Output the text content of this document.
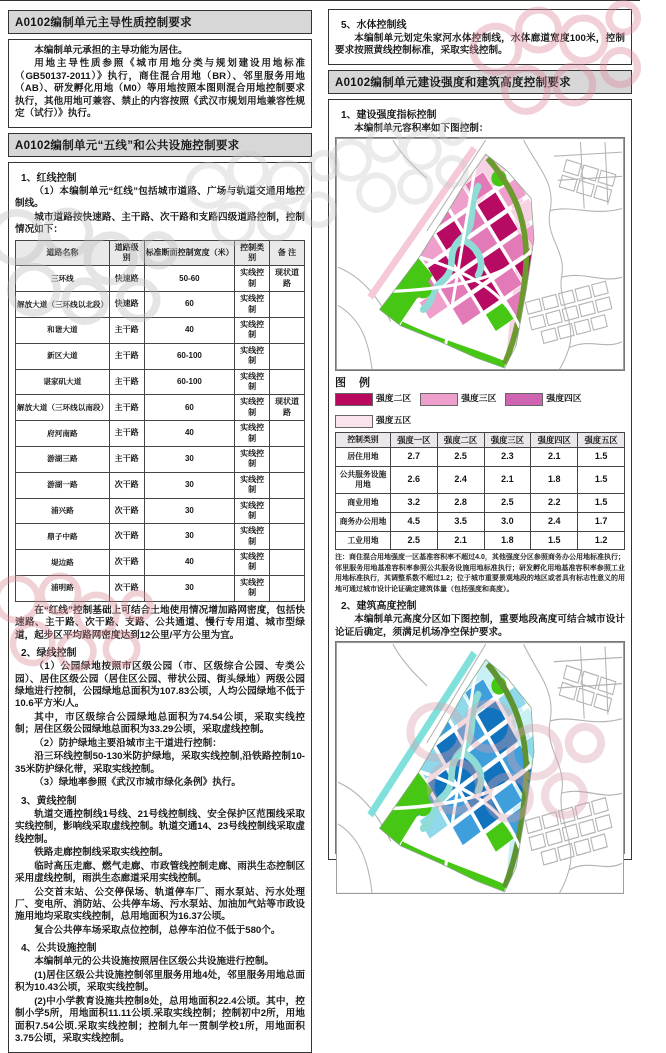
A0102编制单元主导性质控制要求

本编制单元承担的主导功能为居住。

用地主导性质参照《城市用地分类与规划建设用地标准（GB50137-2011）》执行，商住混合用地（BR）、邻里服务用地（AB）、研发孵化用地（M0）等用地按照本图则混合用地控制要求执行，其他用地可兼容、禁止的内容按照《武汉市规划用地兼容性规定（试行）》执行。

A0102编制单元“五线”和公共设施控制要求
1、红线控制

（1）本编制单元“红线”包括城市道路、广场与轨道交通用地控制线。

城市道路按快速路、主干路、次干路和支路四级道路控制，控制情况如下：

道路名称	道路级别	标准断面控制宽度（米）	控制类别	备 注
三环线	快速路	50-60	实线控制	现状道路
解放大道（三环线以北段）	快速路	60	实线控制	
和谐大道	主干路	40	实线控制	
新区大道	主干路	60-100	实线控制	
谌家矶大道	主干路	60-100	实线控制	
解放大道（三环线以南段）	主干路	60	实线控制	现状道路
府河南路	主干路	40	实线控制	
游湖三路	主干路	30	实线控制	
游湖一路	次干路	30	实线控制	
浦兴路	次干路	30	实线控制	
鼎子中路	次干路	30	实线控制	
堤边路	次干路	40	实线控制	
浦明路	次干路	30	实线控制	

在“红线”控制基础上可结合土地使用情况增加路网密度，包括快速路、主干路、次干路、支路、公共通道、慢行专用道、城市型绿道，起步区平均路网密度达到12公里/平方公里为宜。

2、绿线控制

（1）公园绿地按照市区级公园（市、区级综合公园、专类公园）、居住区级公园（居住区公园、带状公园、街头绿地）两级公园绿地进行控制，公园绿地总面积为107.83公顷，人均公园绿地不低于10.6平方米/人。

其中，市区级综合公园绿地总面积为74.54公顷，采取实线控制；居住区级公园绿地总面积为33.29公顷，采取虚线控制。

（2）防护绿地主要沿城市主干道进行控制：

沿三环线控制50-130米防护绿地，采取实线控制,沿铁路控制10-35米防护绿化带，采取实线控制。

（3）绿地率参照《武汉市城市绿化条例》执行。

3、黄线控制

轨道交通控制线1号线、21号线控制线、安全保护区范围线采取实线控制，影响线采取虚线控制。轨道交通14、23号线控制线采取虚线控制。

铁路走廊控制线采取实线控制。

临时高压走廊、燃气走廊、市政管线控制走廊、雨洪生态控制区采用虚线控制，雨洪生态廊道采用实线控制。

公交首末站、公交停保场、轨道停车厂、雨水泵站、污水处理厂、变电所、消防站、公共停车场、污水泵站、加油加气站等市政设施用地均采取实线控制，总用地面积为16.37公顷。

复合公共停车场采取点位控制，总停车泊位不低于580个。

4、公共设施控制

本编制单元的公共设施按照居住区级公共设施进行控制。

(1)居住区级公共设施控制邻里服务用地4处，邻里服务用地总面积为10.43公顷，采取实线控制。

(2)中小学教育设施共控制8处，总用地面积22.4公顷。其中，控制小学5所，用地面积11.11公顷.采取实线控制；控制初中2所，用地面积7.54公顷.采取实线控制；控制九年一贯制学校1所，用地面积3.75公顷，采取实线控制。

5、水体控制线

本编制单元划定朱家河水体控制线，水体廊道宽度100米，控制要求按照黄线控制标准，采取实线控制。

A0102编制单元建设强度和建筑高度控制要求
1、建设强度指标控制

本编制单元容积率如下图控制：

图 例
强度二区	强度三区	强度四区
强度五区
控制类别	强度一区	强度二区	强度三区	强度四区	强度五区
居住用地	2.7	2.5	2.3	2.1	1.5
公共服务设施用地	2.6	2.4	2.1	1.8	1.5
商业用地	3.2	2.8	2.5	2.2	1.5
商务办公用地	4.5	3.5	3.0	2.4	1.7
工业用地	2.5	2.1	1.8	1.5	1.2

注：商住混合用地强度一区基准容积率不超过4.0，其他强度分区参照商务办公用地标准执行；邻里服务用地基准容积率参照公共服务设施用地标准执行；研发孵化用地基准容积率参照工业用地标准执行，其调整系数不超过1.2；位于城市重要景观地段的地区或者具有标志性意义的用地可通过城市设计论证确定建筑体量（包括强度和高度）。

2、建筑高度控制

本编制单元高度分区如下图控制，重要地段高度可结合城市设计论证后确定，须满足机场净空保护要求。
